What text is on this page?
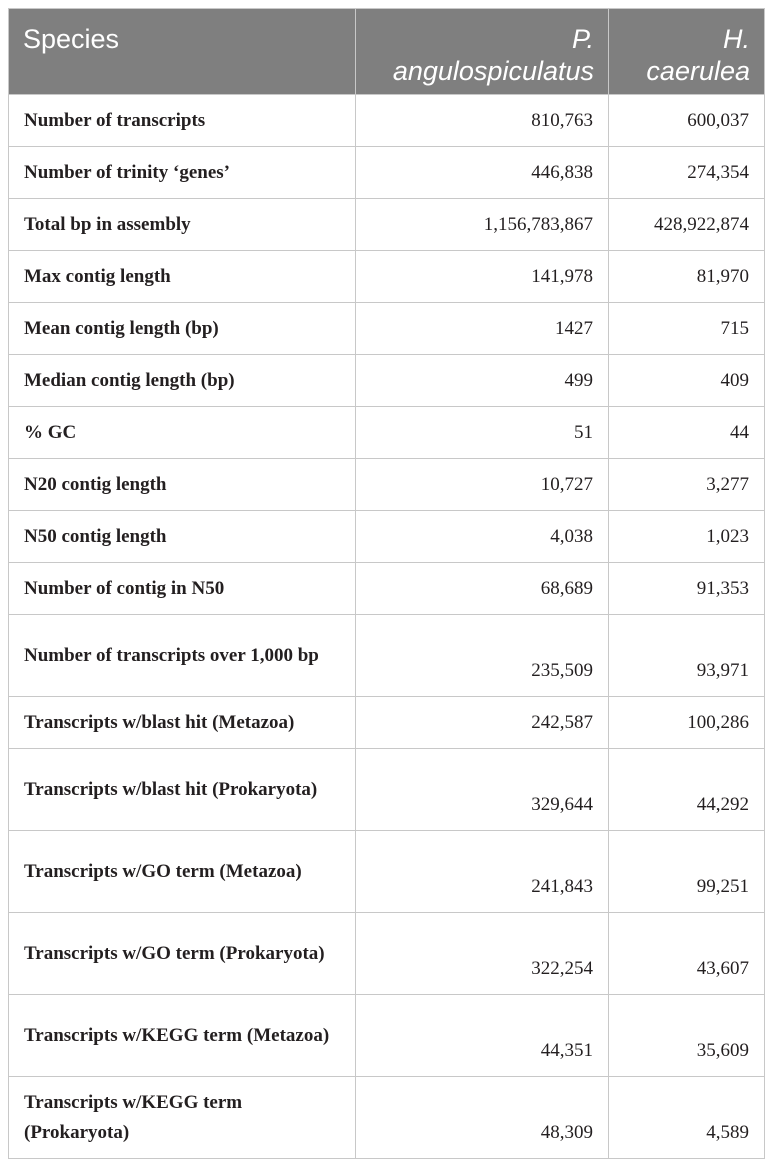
Species	P. angulospiculatus	H. caerulea
Number of transcripts	810,763	600,037
Number of trinity ‘genes’	446,838	274,354
Total bp in assembly	1,156,783,867	428,922,874
Max contig length	141,978	81,970
Mean contig length (bp)	1427	715
Median contig length (bp)	499	409
% GC	51	44
N20 contig length	10,727	3,277
N50 contig length	4,038	1,023
Number of contig in N50	68,689	91,353
Number of transcripts over 1,000 bp	235,509	93,971
Transcripts w/blast hit (Metazoa)	242,587	100,286
Transcripts w/blast hit (Prokaryota)	329,644	44,292
Transcripts w/GO term (Metazoa)	241,843	99,251
Transcripts w/GO term (Prokaryota)	322,254	43,607
Transcripts w/KEGG term (Metazoa)	44,351	35,609
Transcripts w/KEGG term (Prokaryota)	48,309	4,589
